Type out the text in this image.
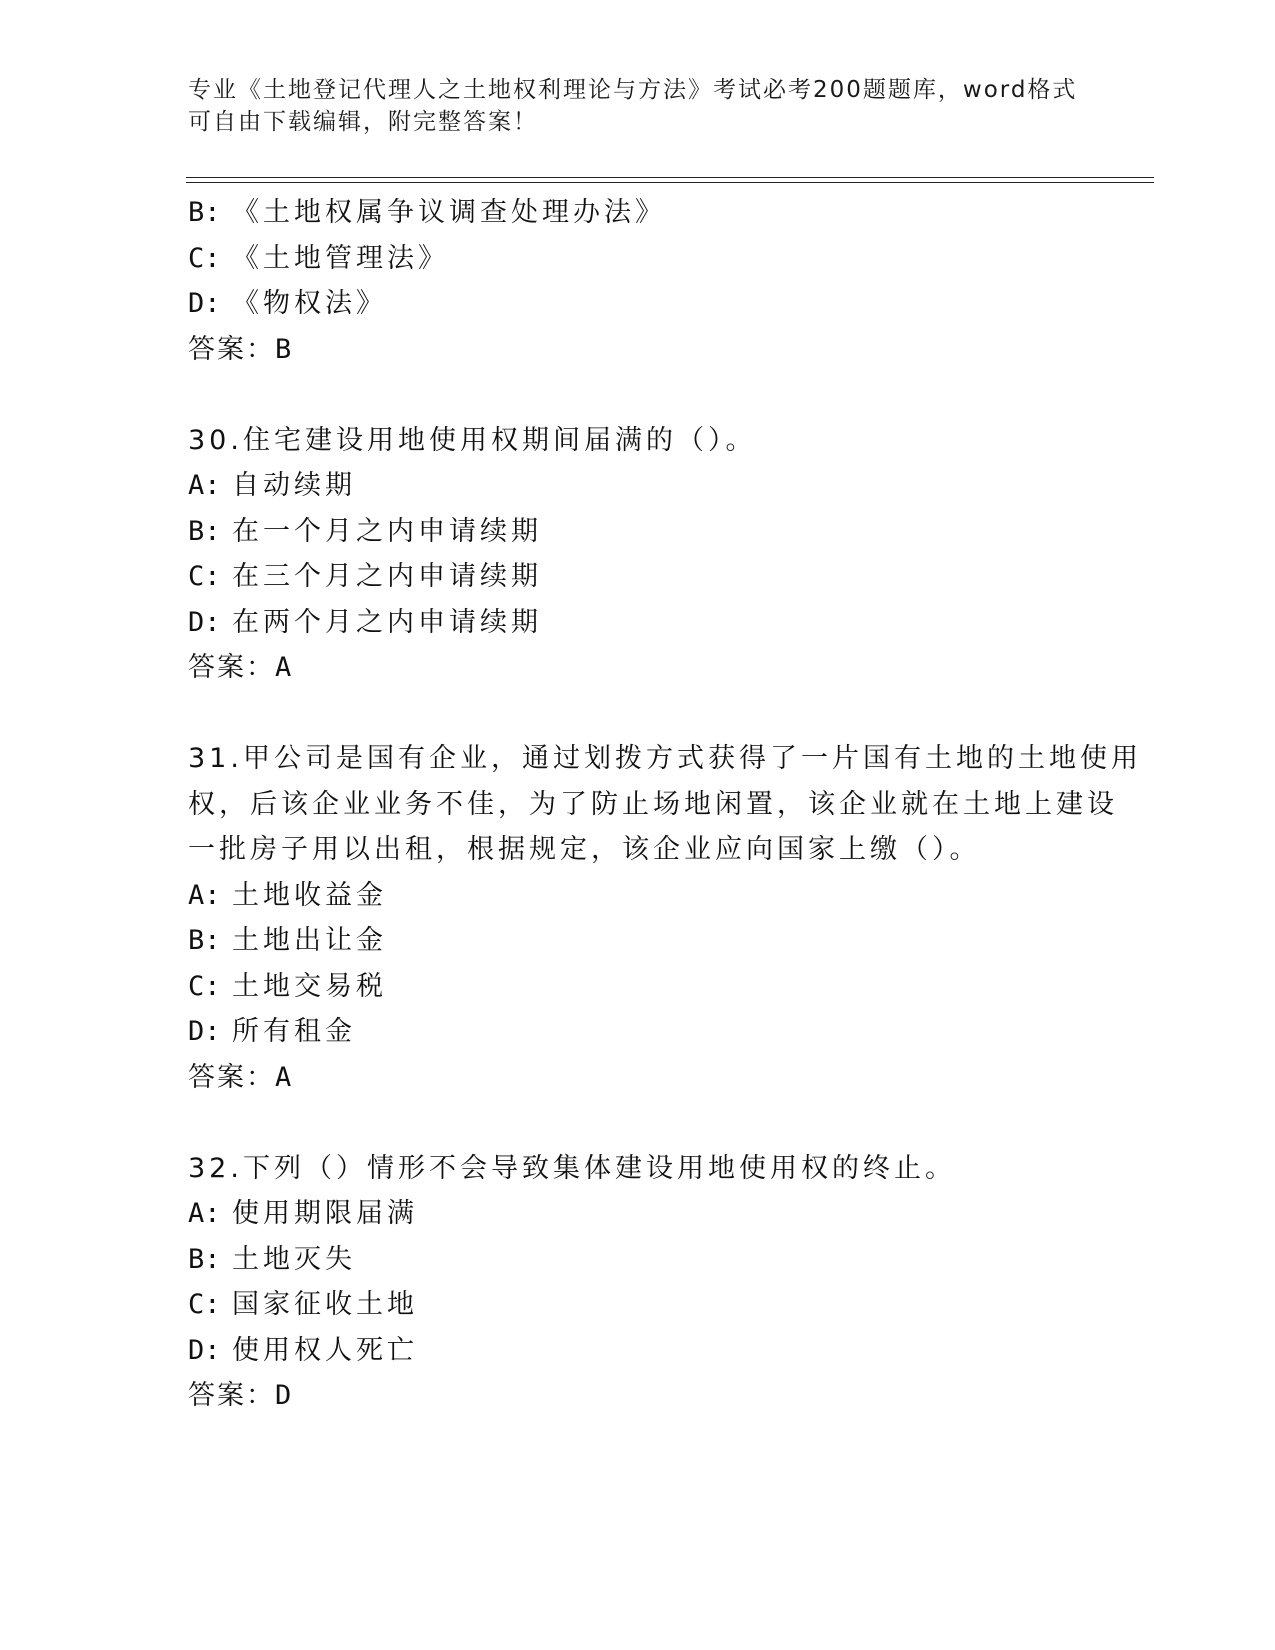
专业《土地登记代理人之土地权利理论与方法》考试必考200题题库，word格式
可自由下载编辑，附完整答案！
B: 《土地权属争议调查处理办法》
C: 《土地管理法》
D: 《物权法》
答案：B
30.住宅建设用地使用权期间届满的（）。
A: 自动续期
B: 在一个月之内申请续期
C: 在三个月之内申请续期
D: 在两个月之内申请续期
答案：A
31.甲公司是国有企业，通过划拨方式获得了一片国有土地的土地使用
权，后该企业业务不佳，为了防止场地闲置，该企业就在土地上建设
一批房子用以出租，根据规定，该企业应向国家上缴（）。
A: 土地收益金
B: 土地出让金
C: 土地交易税
D: 所有租金
答案：A
32.下列（）情形不会导致集体建设用地使用权的终止。
A: 使用期限届满
B: 土地灭失
C: 国家征收土地
D: 使用权人死亡
答案：D
